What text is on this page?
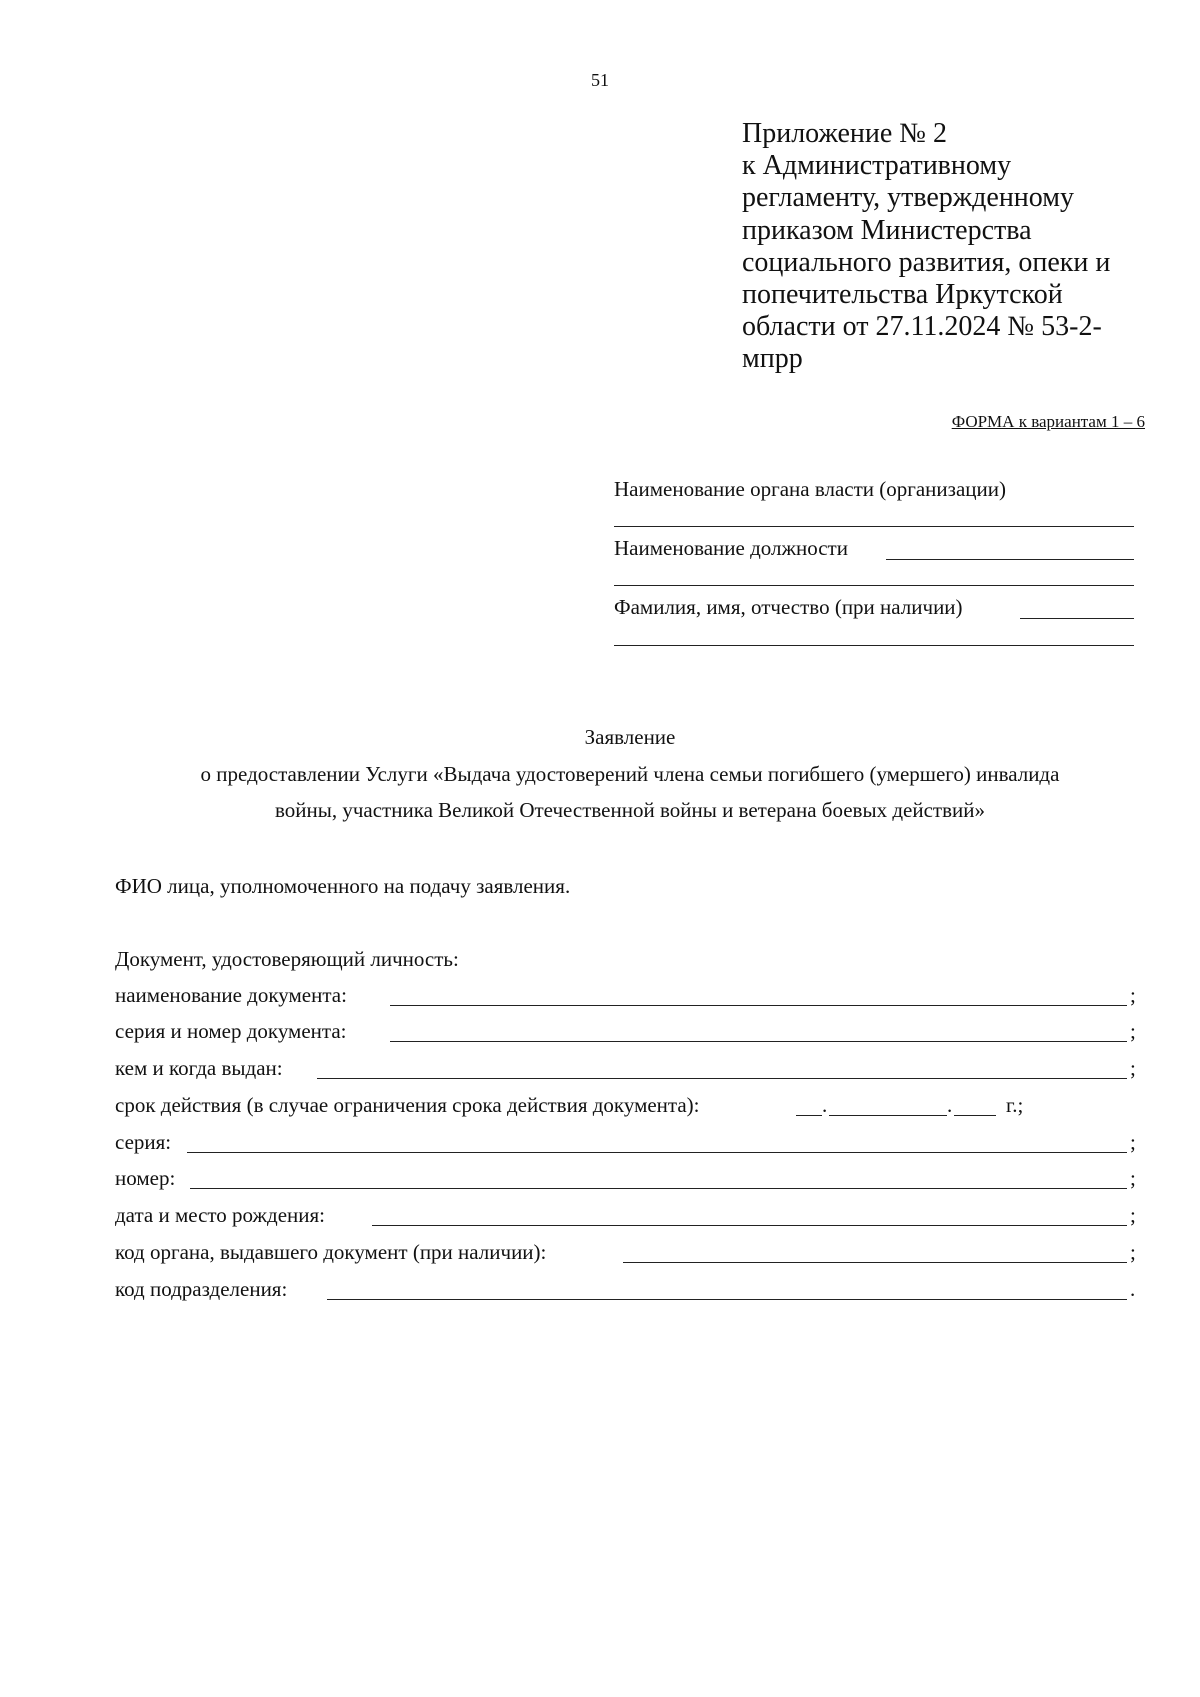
51
Приложение № 2
к Административному
регламенту, утвержденному
приказом Министерства
социального развития, опеки и
попечительства Иркутской
области от 27.11.2024 № 53-2-
мпрр
ФОРМА к вариантам 1 – 6
Наименование органа власти (организации)
Наименование должности
Фамилия, имя, отчество (при наличии)
Заявление
о предоставлении Услуги «Выдача удостоверений члена семьи погибшего (умершего) инвалида
войны, участника Великой Отечественной войны и ветерана боевых действий»
ФИО лица, уполномоченного на подачу заявления.
Документ, удостоверяющий личность:
наименование документа:	;
серия и номер документа:	;
кем и когда выдан:	;
срок действия (в случае ограничения срока действия документа):	.	.	г.;
серия:	;
номер:	;
дата и место рождения:	;
код органа, выдавшего документ (при наличии):	;
код подразделения:	.
